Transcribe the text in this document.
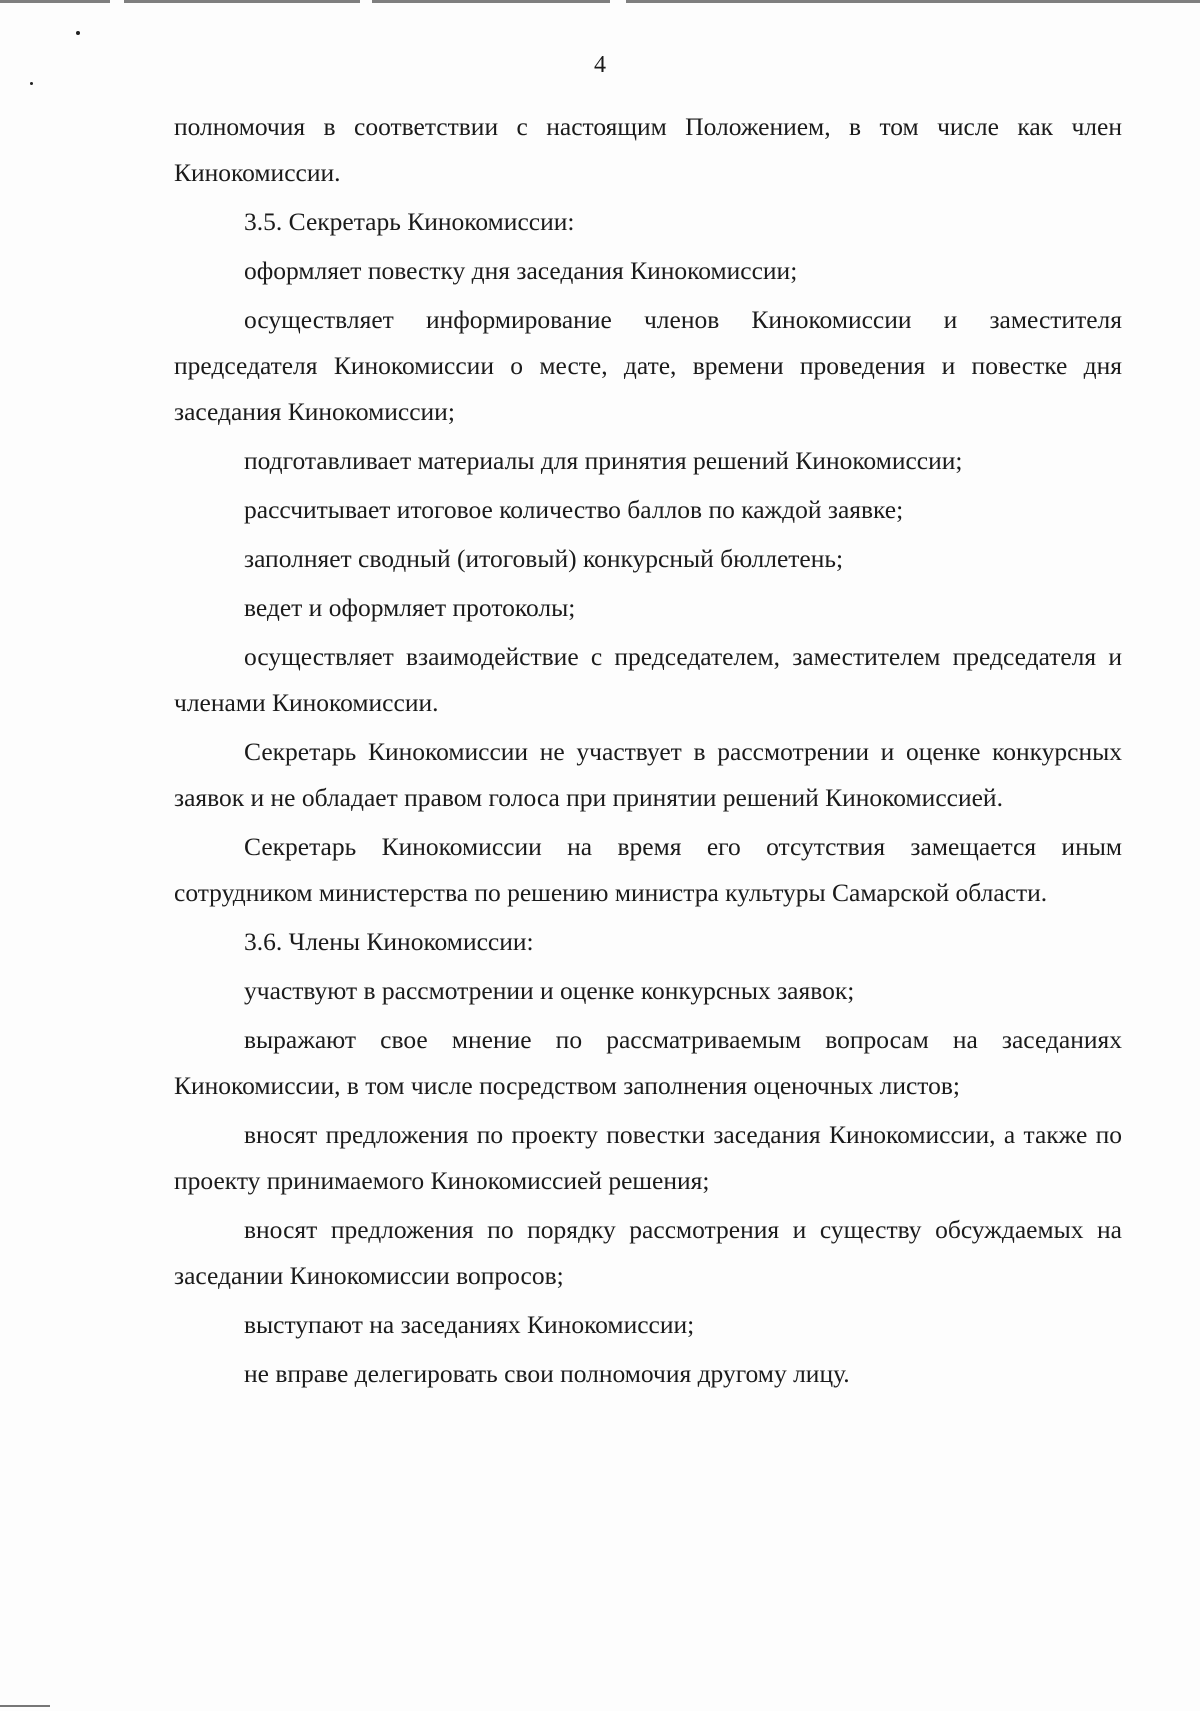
4

полномочия в соответствии с настоящим Положением, в том числе как член Кинокомиссии.

3.5. Секретарь Кинокомиссии:

оформляет повестку дня заседания Кинокомиссии;

осуществляет информирование членов Кинокомиссии и заместителя председателя Кинокомиссии о месте, дате, времени проведения и повестке дня заседания Кинокомиссии;

подготавливает материалы для принятия решений Кинокомиссии;

рассчитывает итоговое количество баллов по каждой заявке;

заполняет сводный (итоговый) конкурсный бюллетень;

ведет и оформляет протоколы;

осуществляет взаимодействие с председателем, заместителем председателя и членами Кинокомиссии.

Секретарь Кинокомиссии не участвует в рассмотрении и оценке конкурсных заявок и не обладает правом голоса при принятии решений Кинокомиссией.

Секретарь Кинокомиссии на время его отсутствия замещается иным сотрудником министерства по решению министра культуры Самарской области.

3.6. Члены Кинокомиссии:

участвуют в рассмотрении и оценке конкурсных заявок;

выражают свое мнение по рассматриваемым вопросам на заседаниях Кинокомиссии, в том числе посредством заполнения оценочных листов;

вносят предложения по проекту повестки заседания Кинокомиссии, а также по проекту принимаемого Кинокомиссией решения;

вносят предложения по порядку рассмотрения и существу обсуждаемых на заседании Кинокомиссии вопросов;

выступают на заседаниях Кинокомиссии;

не вправе делегировать свои полномочия другому лицу.
